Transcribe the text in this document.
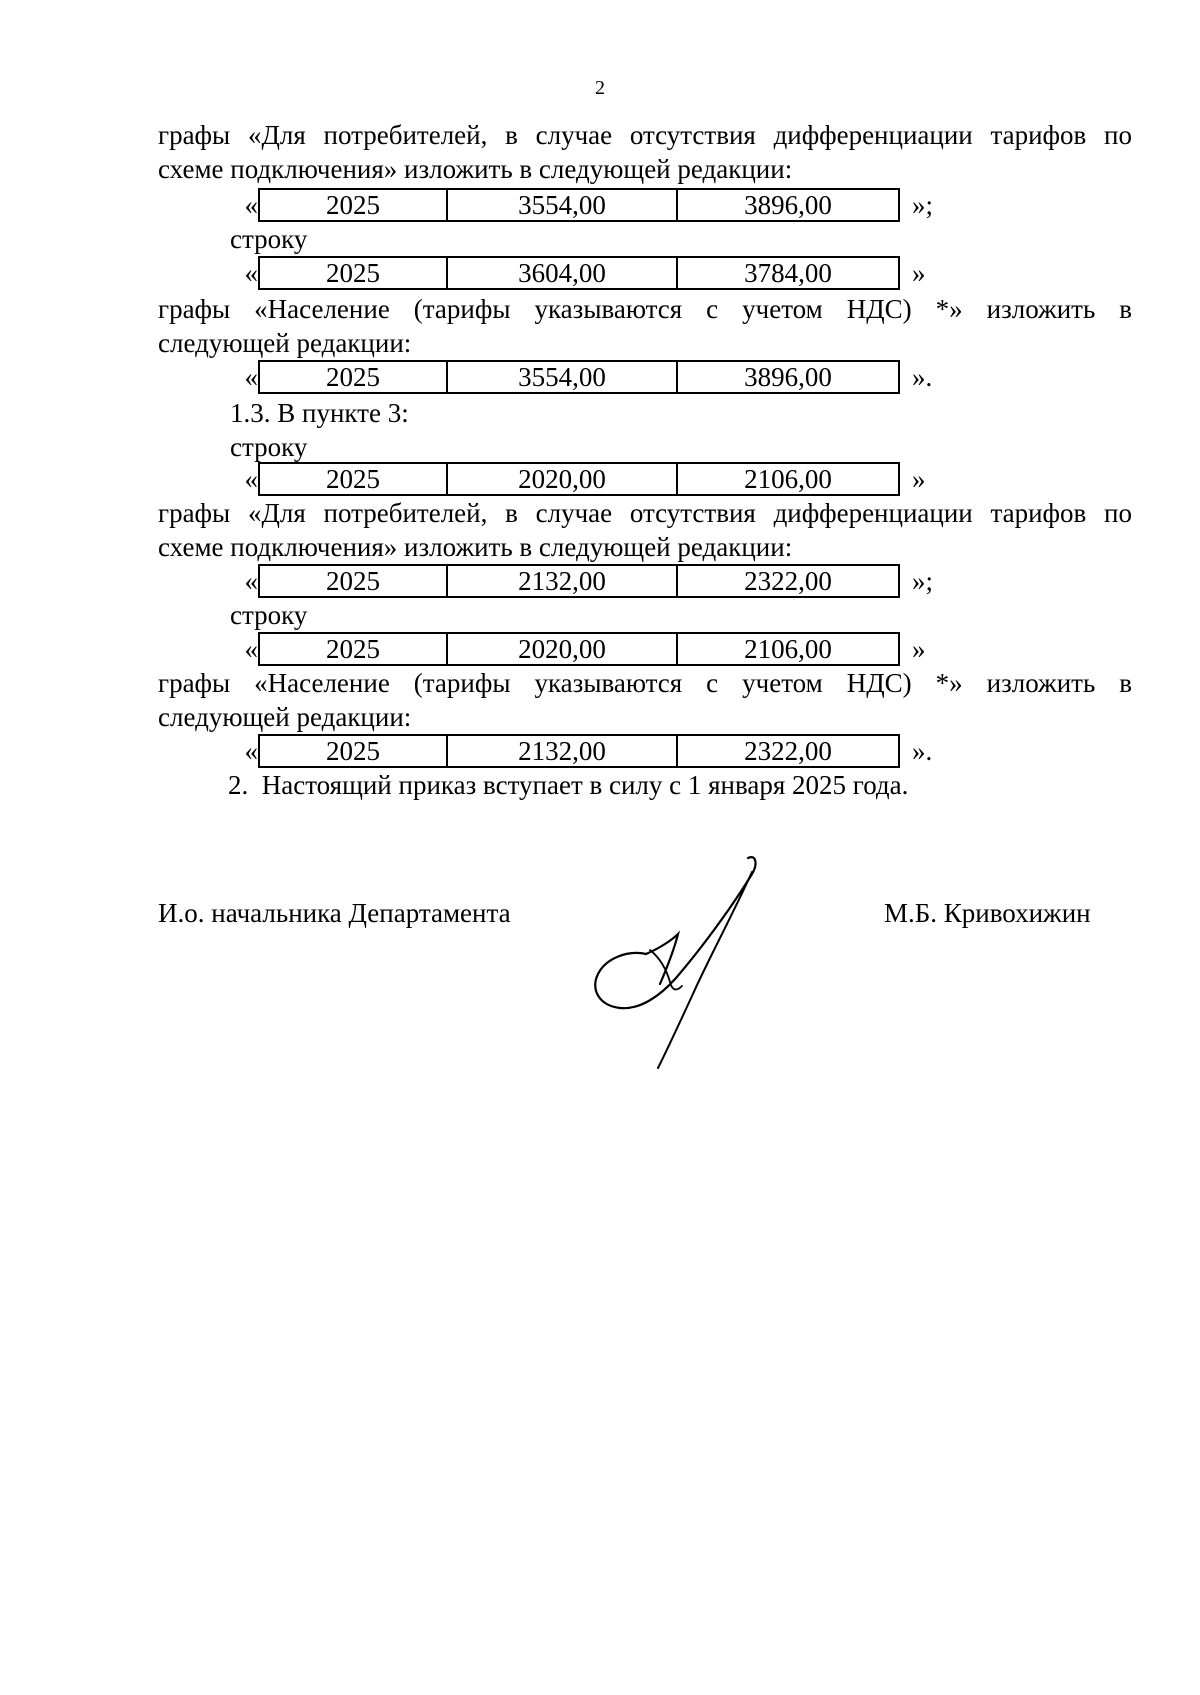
2
графы «Для потребителей, в случае отсутствия дифференциации тарифов по
схеме подключения» изложить в следующей редакции:
«	2025	3554,00	3896,00	»;
строку
«	2025	3604,00	3784,00	»
графы «Население (тарифы указываются с учетом НДС) *» изложить в
следующей редакции:
«	2025	3554,00	3896,00	».
1.3. В пункте 3:
строку
«	2025	2020,00	2106,00	»
графы «Для потребителей, в случае отсутствия дифференциации тарифов по
схеме подключения» изложить в следующей редакции:
«	2025	2132,00	2322,00	»;
строку
«	2025	2020,00	2106,00	»
графы «Население (тарифы указываются с учетом НДС) *» изложить в
следующей редакции:
«	2025	2132,00	2322,00	».
2. Настоящий приказ вступает в силу с 1 января 2025 года.
И.о. начальника Департамента	М.Б. Кривохижин
